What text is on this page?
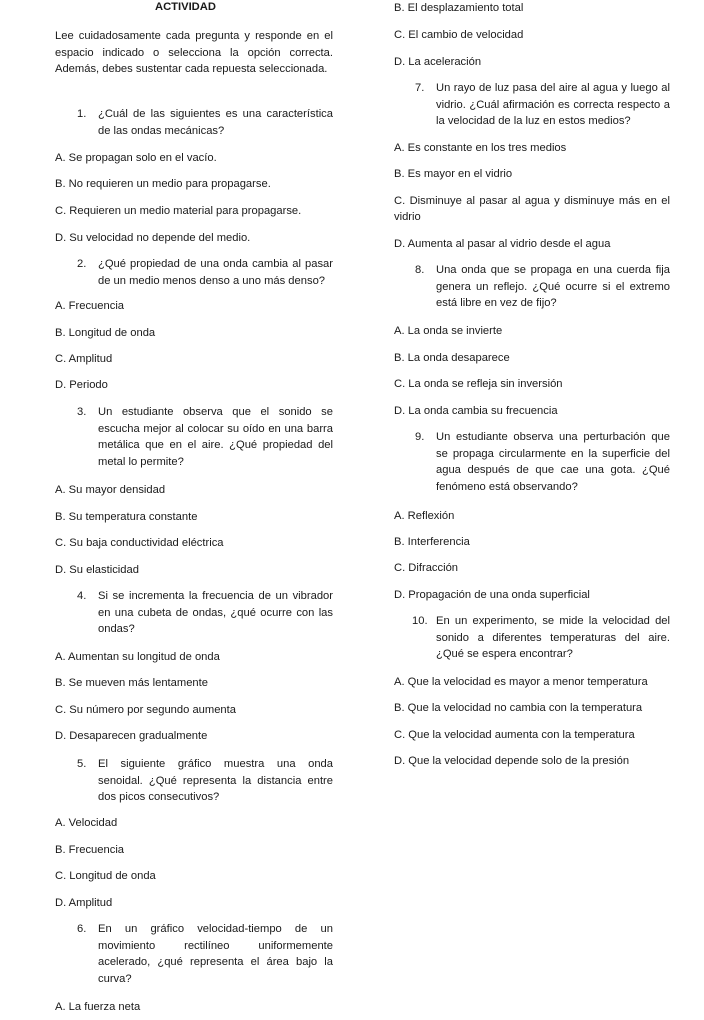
ACTIVIDAD
Lee cuidadosamente cada pregunta y responde en el espacio indicado o selecciona la opción correcta. Además, debes sustentar cada repuesta seleccionada.
1. ¿Cuál de las siguientes es una característica de las ondas mecánicas?
A. Se propagan solo en el vacío.
B. No requieren un medio para propagarse.
C. Requieren un medio material para propagarse.
D. Su velocidad no depende del medio.
2. ¿Qué propiedad de una onda cambia al pasar de un medio menos denso a uno más denso?
A. Frecuencia
B. Longitud de onda
C. Amplitud
D. Periodo
3. Un estudiante observa que el sonido se escucha mejor al colocar su oído en una barra metálica que en el aire. ¿Qué propiedad del metal lo permite?
A. Su mayor densidad
B. Su temperatura constante
C. Su baja conductividad eléctrica
D. Su elasticidad
4. Si se incrementa la frecuencia de un vibrador en una cubeta de ondas, ¿qué ocurre con las ondas?
A. Aumentan su longitud de onda
B. Se mueven más lentamente
C. Su número por segundo aumenta
D. Desaparecen gradualmente
5. El siguiente gráfico muestra una onda senoidal. ¿Qué representa la distancia entre dos picos consecutivos?
A. Velocidad
B. Frecuencia
C. Longitud de onda
D. Amplitud
6. En un gráfico velocidad-tiempo de un movimiento rectilíneo uniformemente acelerado, ¿qué representa el área bajo la curva?
A. La fuerza neta
B. El desplazamiento total
C. El cambio de velocidad
D. La aceleración
7. Un rayo de luz pasa del aire al agua y luego al vidrio. ¿Cuál afirmación es correcta respecto a la velocidad de la luz en estos medios?
A. Es constante en los tres medios
B. Es mayor en el vidrio
C. Disminuye al pasar al agua y disminuye más en el vidrio
D. Aumenta al pasar al vidrio desde el agua
8. Una onda que se propaga en una cuerda fija genera un reflejo. ¿Qué ocurre si el extremo está libre en vez de fijo?
A. La onda se invierte
B. La onda desaparece
C. La onda se refleja sin inversión
D. La onda cambia su frecuencia
9. Un estudiante observa una perturbación que se propaga circularmente en la superficie del agua después de que cae una gota. ¿Qué fenómeno está observando?
A. Reflexión
B. Interferencia
C. Difracción
D. Propagación de una onda superficial
10. En un experimento, se mide la velocidad del sonido a diferentes temperaturas del aire. ¿Qué se espera encontrar?
A. Que la velocidad es mayor a menor temperatura
B. Que la velocidad no cambia con la temperatura
C. Que la velocidad aumenta con la temperatura
D. Que la velocidad depende solo de la presión
